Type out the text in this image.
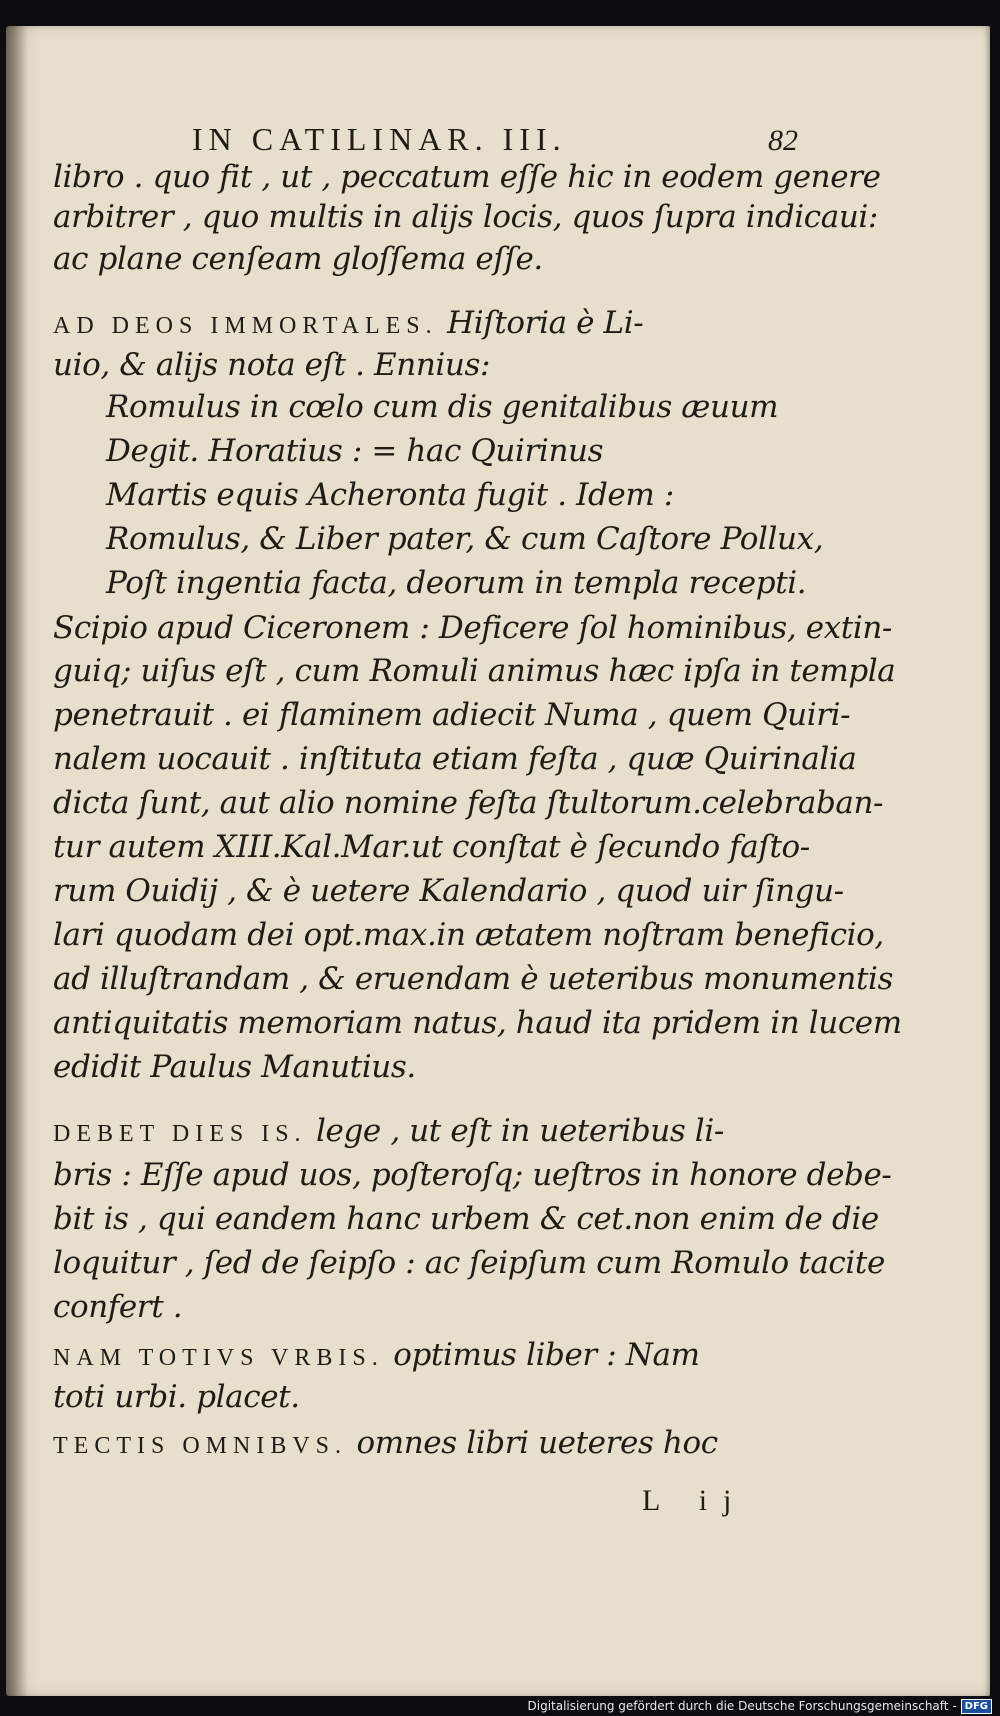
IN CATILINAR. III.	82
libro . quo fit , ut , peccatum eſſe hic in eodem genere
arbitrer , quo multis in alijs locis, quos ſupra indicaui:
ac plane cenſeam gloſſema eſſe.
AD DEOS IMMORTALES. Hiſtoria è Li-
uio, & alijs nota eſt . Ennius:
Romulus in cœlo cum dis genitalibus æuum
Degit. Horatius : = hac Quirinus
Martis equis Acheronta fugit . Idem :
Romulus, & Liber pater, & cum Caſtore Pollux,
Poſt ingentia facta, deorum in templa recepti.
Scipio apud Ciceronem : Deficere ſol hominibus, extin-
guiq; uiſus eſt , cum Romuli animus hæc ipſa in templa
penetrauit . ei flaminem adiecit Numa , quem Quiri-
nalem uocauit . inſtituta etiam feſta , quæ Quirinalia
dicta ſunt, aut alio nomine feſta ſtultorum.celebraban-
tur autem XIII.Kal.Mar.ut conſtat è ſecundo faſto-
rum Ouidij , & è uetere Kalendario , quod uir ſingu-
lari quodam dei opt.max.in ætatem noſtram beneficio,
ad illuſtrandam , & eruendam è ueteribus monumentis
antiquitatis memoriam natus, haud ita pridem in lucem
edidit Paulus Manutius.
DEBET DIES IS. lege , ut eſt in ueteribus li-
bris : Eſſe apud uos, poſteroſq; ueſtros in honore debe-
bit is , qui eandem hanc urbem & cet.non enim de die
loquitur , ſed de ſeipſo : ac ſeipſum cum Romulo tacite
confert .
NAM TOTIVS VRBIS. optimus liber : Nam
toti urbi. placet.
TECTIS OMNIBVS. omnes libri ueteres hoc
L ij
Digitalisierung gefördert durch die Deutsche Forschungsgemeinschaft - DFG
